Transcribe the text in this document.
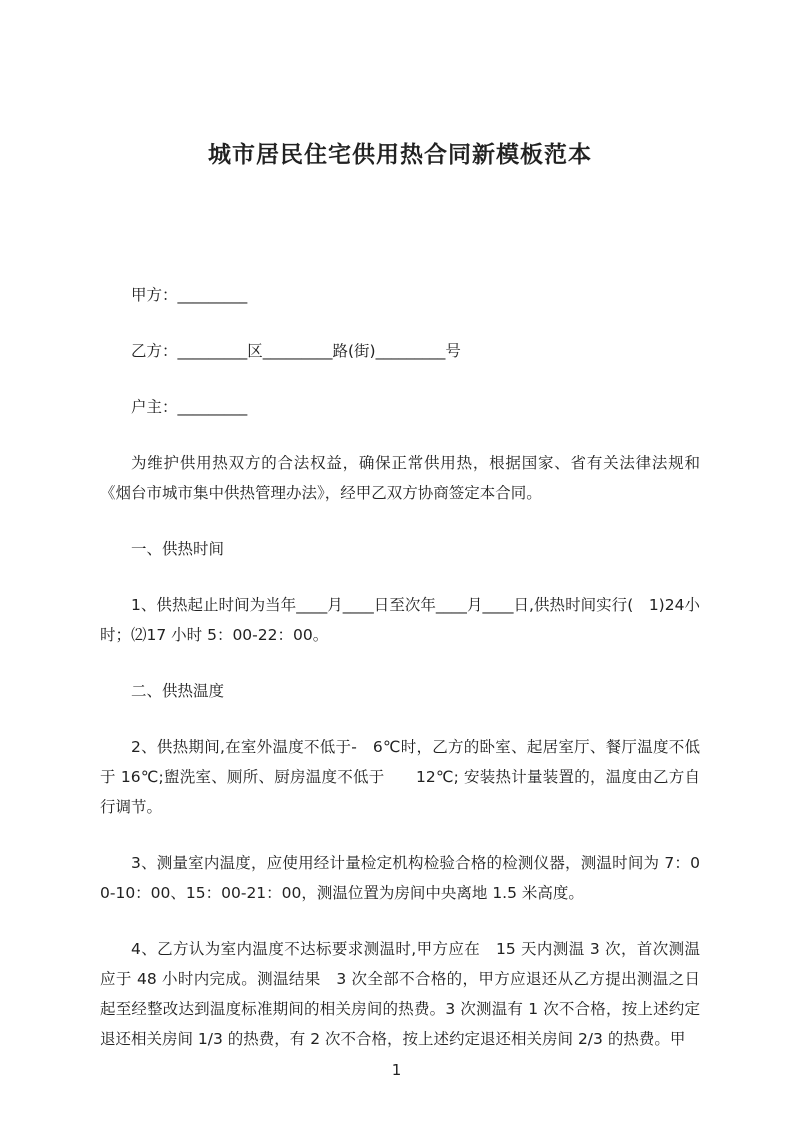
城市居民住宅供用热合同新模板范本

甲方：_________

乙方：_________区_________路(街)_________号

户主：_________

为维护供用热双方的合法权益，确保正常供用热，根据国家、省有关法律法规和《烟台市城市集中供热管理办法》，经甲乙双方协商签定本合同。

一、供热时间

1、供热起止时间为当年____月____日至次年____月____日,供热时间实行(　1)24小时；⑵17 小时 5：00-22：00。

二、供热温度

2、供热期间,在室外温度不低于-　6℃时，乙方的卧室、起居室厅、餐厅温度不低于 16℃;盥洗室、厕所、厨房温度不低于　　12℃; 安装热计量装置的，温度由乙方自行调节。

3、测量室内温度，应使用经计量检定机构检验合格的检测仪器，测温时间为 7：00-10：00、15：00-21：00，测温位置为房间中央离地 1.5 米高度。

4、乙方认为室内温度不达标要求测温时,甲方应在　15 天内测温 3 次，首次测温应于 48 小时内完成。测温结果　3 次全部不合格的，甲方应退还从乙方提出测温之日起至经整改达到温度标准期间的相关房间的热费。3 次测温有 1 次不合格，按上述约定退还相关房间 1/3 的热费，有 2 次不合格，按上述约定退还相关房间 2/3 的热费。甲

1
